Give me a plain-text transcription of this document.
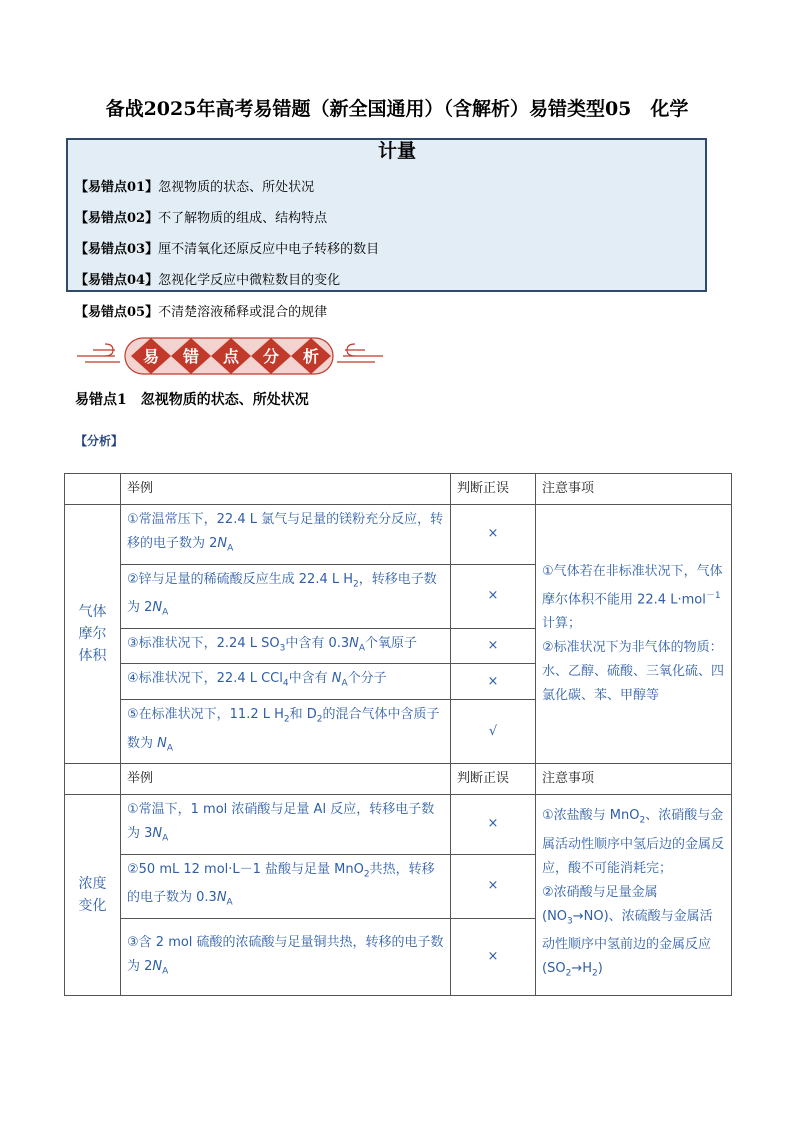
备战2025年高考易错题（新全国通用）（含解析）易错类型05　化学
计量
【易错点01】忽视物质的状态、所处状况
【易错点02】不了解物质的组成、结构特点
【易错点03】厘不清氧化还原反应中电子转移的数目
【易错点04】忽视化学反应中微粒数目的变化
【易错点05】不清楚溶液稀释或混合的规律
易 错 点 分 析
易错点1　忽视物质的状态、所处状况
【分析】
	举例	判断正误	注意事项
气体
摩尔
体积	①常温常压下，22.4 L 氯气与足量的镁粉充分反应，转移的电子数为 $2N_A$	×	①气体若在非标准状况下，气体摩尔体积不能用 22.4 L·mol$^{-1}$计算；
②标准状况下为非气体的物质：水、乙醇、硫酸、三氧化硫、四氯化碳、苯、甲醇等
	②锌与足量的稀硫酸反应生成 22.4 L $H_2$，转移电子数为 $2N_A$	×	
	③标准状况下，2.24 L $SO_3$中含有 $0.3N_A$个氧原子	×	
	④标准状况下，22.4 L CCl$_4$中含有 $N_A$个分子	×	
	⑤在标准状况下，11.2 L $H_2$和 $D_2$的混合气体中含质子数为 $N_A$	√	
	举例	判断正误	注意事项
浓度
变化	①常温下，1 mol 浓硝酸与足量 Al 反应，转移电子数为 $3N_A$	×	①浓盐酸与 MnO$_2$、浓硝酸与金属活动性顺序中氢后边的金属反应，酸不可能消耗完；
②浓硝酸与足量金属$(NO_3\to NO)$、浓硫酸与金属活动性顺序中氢前边的金属反应$(SO_2\to H_2)$
	②50 mL 12 mol·L－1 盐酸与足量 MnO$_2$共热，转移的电子数为 $0.3N_A$	×	
	③含 2 mol 硫酸的浓硫酸与足量铜共热，转移的电子数为 $2N_A$	×	
